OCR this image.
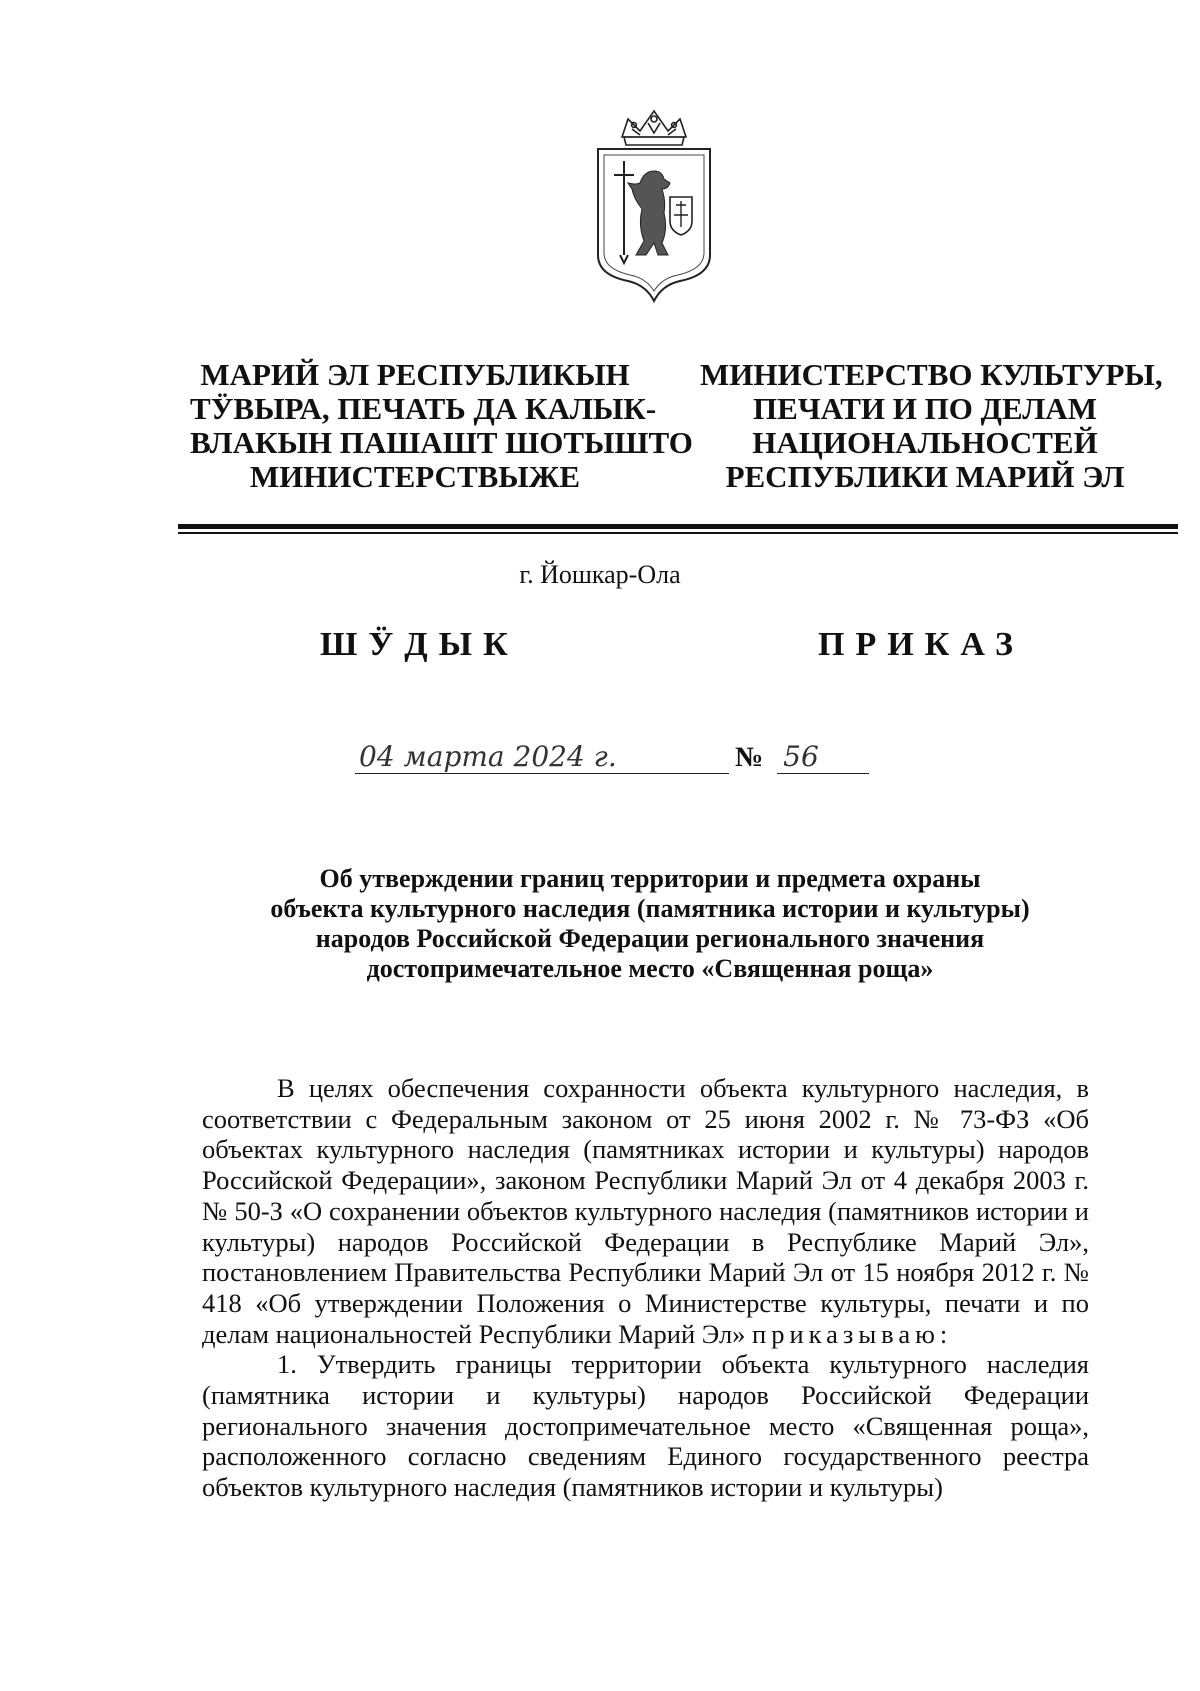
МАРИЙ ЭЛ РЕСПУБЛИКЫН
ТӰВЫРА, ПЕЧАТЬ ДА КАЛЫК-
ВЛАКЫН ПАШАШТ ШОТЫШТО
МИНИСТЕРСТВЫЖЕ
МИНИСТЕРСТВО КУЛЬТУРЫ,
ПЕЧАТИ И ПО ДЕЛАМ
НАЦИОНАЛЬНОСТЕЙ
РЕСПУБЛИКИ МАРИЙ ЭЛ
г. Йошкар-Ола
ШӰДЫК	ПРИКАЗ
04 марта 2024 г.	№ 56
Об утверждении границ территории и предмета охраны
объекта культурного наследия (памятника истории и культуры)
народов Российской Федерации регионального значения
достопримечательное место «Священная роща»

В целях обеспечения сохранности объекта культурного наследия, в соответствии с Федеральным законом от 25 июня 2002 г. № 73-ФЗ «Об объектах культурного наследия (памятниках истории и культуры) народов Российской Федерации», законом Республики Марий Эл от 4 декабря 2003 г. № 50-З «О сохранении объектов культурного наследия (памятников истории и культуры) народов Российской Федерации в Республике Марий Эл», постановлением Правительства Республики Марий Эл от 15 ноября 2012 г. № 418 «Об утверждении Положения о Министерстве культуры, печати и по делам национальностей Республики Марий Эл» приказываю:

1. Утвердить границы территории объекта культурного наследия (памятника истории и культуры) народов Российской Федерации регионального значения достопримечательное место «Священная роща», расположенного согласно сведениям Единого государственного реестра объектов культурного наследия (памятников истории и культуры)
